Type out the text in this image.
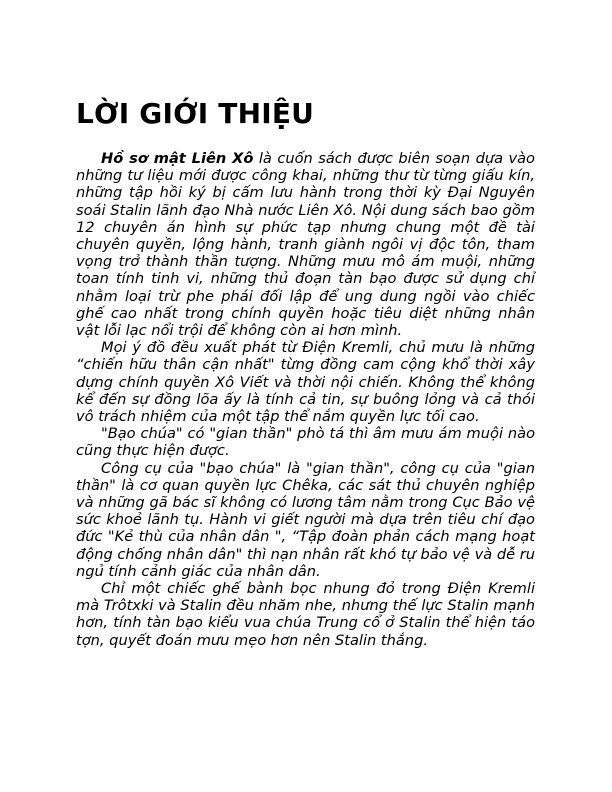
LỜI GIỚI THIỆU

Hồ sơ mật Liên Xô là cuốn sách được biên soạn dựa vào những tư liệu mới được công khai, những thư từ từng giấu kín, những tập hồi ký bị cấm lưu hành trong thời kỳ Đại Nguyên soái Stalin lãnh đạo Nhà nước Liên Xô. Nội dung sách bao gồm 12 chuyên án hình sự phức tạp nhưng chung một đề tài chuyên quyền, lộng hành, tranh giành ngôi vị độc tôn, tham vọng trở thành thần tượng. Những mưu mô ám muội, những toan tính tinh vi, những thủ đoạn tàn bạo được sử dụng chỉ nhằm loại trừ phe phái đối lập để ung dung ngồi vào chiếc ghế cao nhất trong chính quyền hoặc tiêu diệt những nhân vật lỗi lạc nổi trội để không còn ai hơn mình.

Mọi ý đồ đều xuất phát từ Điện Kremli, chủ mưu là những “chiến hữu thân cận nhất" từng đồng cam cộng khổ thời xây dựng chính quyền Xô Viết và thời nội chiến. Không thể không kể đến sự đồng lõa ấy là tính cả tin, sự buông lỏng và cả thói vô trách nhiệm của một tập thể nắm quyền lực tối cao.

"Bạo chúa" có "gian thần" phò tá thì âm mưu ám muội nào cũng thực hiện được.

Công cụ của "bạo chúa" là "gian thần", công cụ của "gian thần" là cơ quan quyền lực Chêka, các sát thủ chuyên nghiệp và những gã bác sĩ không có lương tâm nằm trong Cục Bảo vệ sức khoẻ lãnh tụ. Hành vi giết người mà dựa trên tiêu chí đạo đức "Kẻ thù của nhân dân ", “Tập đoàn phản cách mạng hoạt động chống nhân dân" thì nạn nhân rất khó tự bảo vệ và dễ ru ngủ tính cảnh giác của nhân dân.

Chỉ một chiếc ghế bành bọc nhung đỏ trong Điện Kremli mà Trôtxki và Stalin đều nhăm nhe, nhưng thế lực Stalin mạnh hơn, tính tàn bạo kiểu vua chúa Trung cổ ở Stalin thể hiện táo tợn, quyết đoán mưu mẹo hơn nên Stalin thắng.
